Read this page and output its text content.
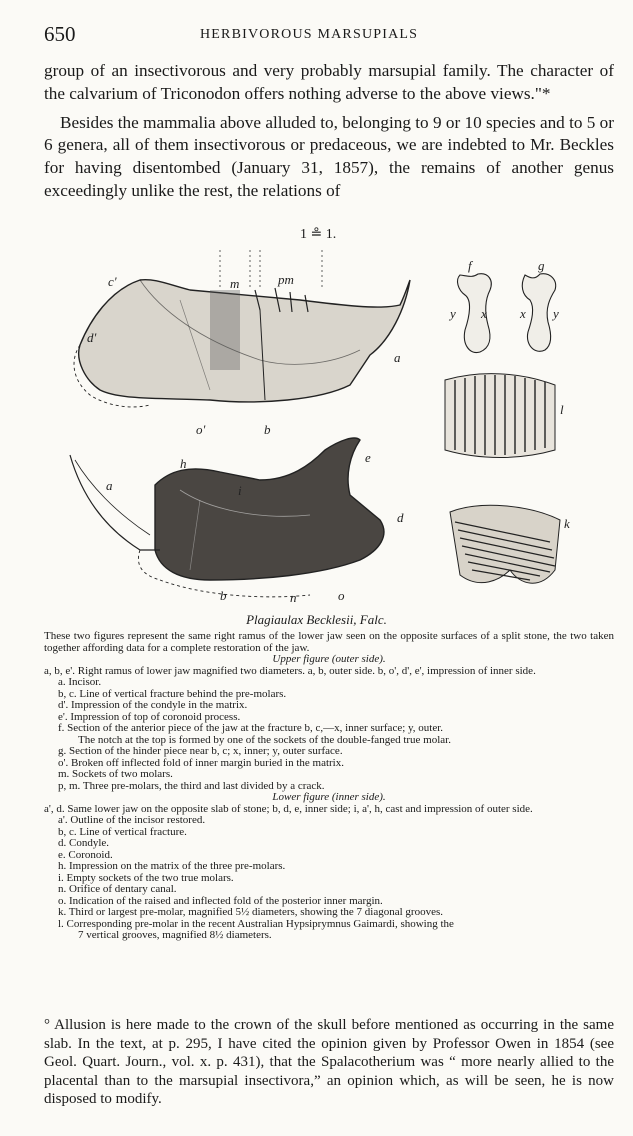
650	HERBIVOROUS MARSUPIALS

group of an insectivorous and very probably marsupial family. The character of the calvarium of Triconodon offers nothing adverse to the above views."*

Besides the mammalia above alluded to, belonging to 9 or 10 species and to 5 or 6 genera, all of them insectivorous or predaceous, we are indebted to Mr. Beckles for having disentombed (January 31, 1857), the remains of another genus exceedingly unlike the rest, the relations of

1 ≗ 1.
c'	m	pm
d'
a
o'	b
f	g
y x	x y
l
k
e
h
a	i
d
b	n	o
Plagiaulax Becklesii, Falc.

These two figures represent the same right ramus of the lower jaw seen on the opposite surfaces of a split stone, the two taken together affording data for a complete restoration of the jaw.

Upper figure (outer side).

a, b, e'. Right ramus of lower jaw magnified two diameters. a, b, outer side. b, o', d', e', impression of inner side.

a. Incisor.

b, c. Line of vertical fracture behind the pre-molars.

d'. Impression of the condyle in the matrix.

e'. Impression of top of coronoid process.

f. Section of the anterior piece of the jaw at the fracture b, c,—x, inner surface; y, outer.

The notch at the top is formed by one of the sockets of the double-fanged true molar.

g. Section of the hinder piece near b, c; x, inner; y, outer surface.

o'. Broken off inflected fold of inner margin buried in the matrix.

m. Sockets of two molars.

p, m. Three pre-molars, the third and last divided by a crack.

Lower figure (inner side).

a', d. Same lower jaw on the opposite slab of stone; b, d, e, inner side; i, a', h, cast and impression of outer side.

a'. Outline of the incisor restored.

b, c. Line of vertical fracture.

d. Condyle.

e. Coronoid.

h. Impression on the matrix of the three pre-molars.

i. Empty sockets of the two true molars.

n. Orifice of dentary canal.

o. Indication of the raised and inflected fold of the posterior inner margin.

k. Third or largest pre-molar, magnified 5½ diameters, showing the 7 diagonal grooves.

l. Corresponding pre-molar in the recent Australian Hypsiprymnus Gaimardi, showing the

7 vertical grooves, magnified 8½ diameters.

° Allusion is here made to the crown of the skull before mentioned as occurring in the same slab. In the text, at p. 295, I have cited the opinion given by Professor Owen in 1854 (see Geol. Quart. Journ., vol. x. p. 431), that the Spalacotherium was “ more nearly allied to the placental than to the marsupial insectivora,” an opinion which, as will be seen, he is now disposed to modify.
